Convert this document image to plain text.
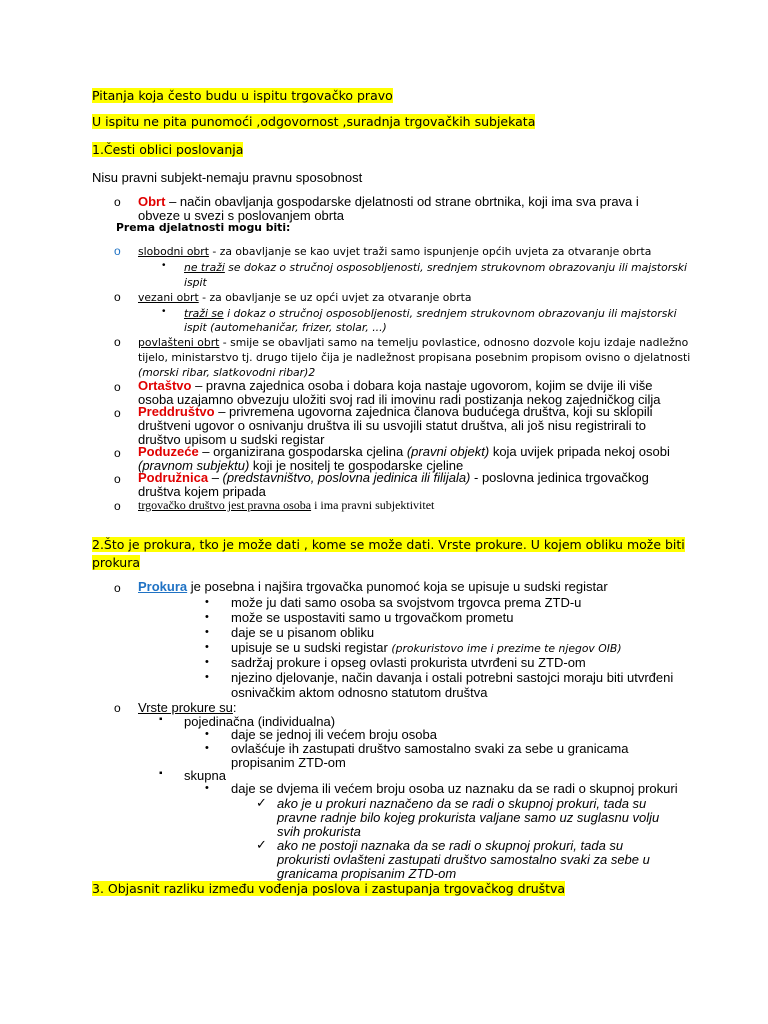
Pitanja koja često budu u ispitu trgovačko pravo
U ispitu ne pita punomoći ,odgovornost ,suradnja trgovačkih subjekata
1.Česti oblici poslovanja
Nisu pravni subjekt-nemaju pravnu sposobnost
o Obrt – način obavljanja gospodarske djelatnosti od strane obrtnika, koji ima sva prava i
obveze u svezi s poslovanjem obrta
Prema djelatnosti mogu biti:
o slobodni obrt - za obavljanje se kao uvjet traži samo ispunjenje općih uvjeta za otvaranje obrta
• ne traži se dokaz o stručnoj osposobljenosti, srednjem strukovnom obrazovanju ili majstorski
ispit
o vezani obrt - za obavljanje se uz opći uvjet za otvaranje obrta
• traži se i dokaz o stručnoj osposobljenosti, srednjem strukovnom obrazovanju ili majstorski
ispit (automehaničar, frizer, stolar, ...)
o povlašteni obrt - smije se obavljati samo na temelju povlastice, odnosno dozvole koju izdaje nadležno
tijelo, ministarstvo tj. drugo tijelo čija je nadležnost propisana posebnim propisom ovisno o djelatnosti
(morski ribar, slatkovodni ribar)2
o Ortaštvo – pravna zajednica osoba i dobara koja nastaje ugovorom, kojim se dvije ili više
osoba uzajamno obvezuju uložiti svoj rad ili imovinu radi postizanja nekog zajedničkog cilja
o Preddruštvo – privremena ugovorna zajednica članova budućega društva, koji su sklopili
društveni ugovor o osnivanju društva ili su usvojili statut društva, ali još nisu registrirali to
društvo upisom u sudski registar
o Poduzeće – organizirana gospodarska cjelina (pravni objekt) koja uvijek pripada nekoj osobi
(pravnom subjektu) koji je nositelj te gospodarske cjeline
o Podružnica – (predstavništvo, poslovna jedinica ili filijala) - poslovna jedinica trgovačkog
društva kojem pripada
o trgovačko društvo jest pravna osoba i ima pravni subjektivitet
2.Što je prokura, tko je može dati , kome se može dati. Vrste prokure. U kojem obliku može biti
prokura
o Prokura je posebna i najšira trgovačka punomoć koja se upisuje u sudski registar
• može ju dati samo osoba sa svojstvom trgovca prema ZTD-u
• može se uspostaviti samo u trgovačkom prometu
• daje se u pisanom obliku
• upisuje se u sudski registar (prokuristovo ime i prezime te njegov OIB)
• sadržaj prokure i opseg ovlasti prokurista utvrđeni su ZTD-om
• njezino djelovanje, način davanja i ostali potrebni sastojci moraju biti utvrđeni
osnivačkim aktom odnosno statutom društva
o Vrste prokure su:
▪ pojedinačna (individualna)
• daje se jednoj ili većem broju osoba
• ovlašćuje ih zastupati društvo samostalno svaki za sebe u granicama
propisanim ZTD-om
▪ skupna
• daje se dvjema ili većem broju osoba uz naznaku da se radi o skupnoj prokuri
✓ ako je u prokuri naznačeno da se radi o skupnoj prokuri, tada su
pravne radnje bilo kojeg prokurista valjane samo uz suglasnu volju
svih prokurista
✓ ako ne postoji naznaka da se radi o skupnoj prokuri, tada su
prokuristi ovlašteni zastupati društvo samostalno svaki za sebe u
granicama propisanim ZTD-om
3. Objasnit razliku između vođenja poslova i zastupanja trgovačkog društva
